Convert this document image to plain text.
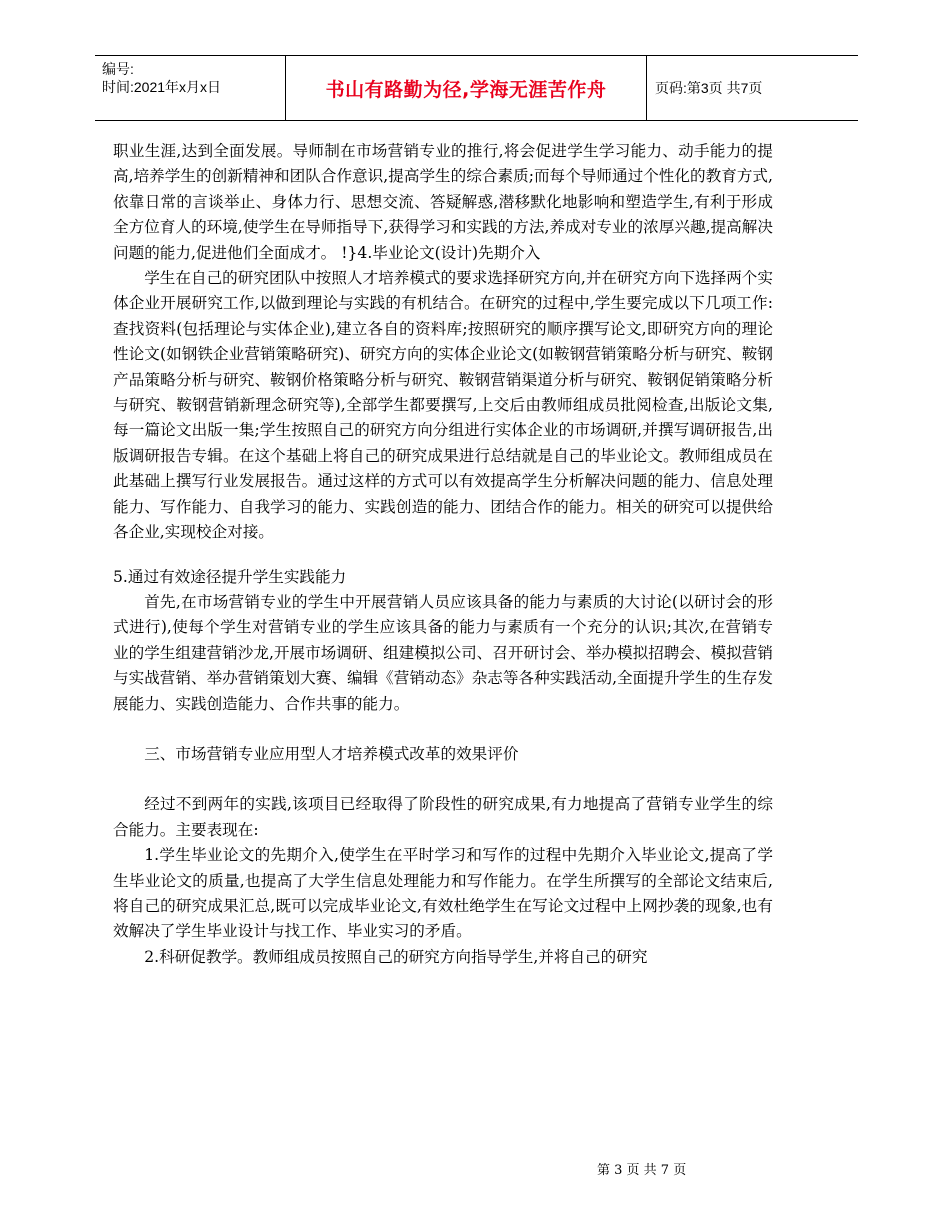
编号:
时间:2021年x月x日	书山有路勤为径,学海无涯苦作舟	页码:第3页 共7页

职业生涯,达到全面发展。导师制在市场营销专业的推行,将会促进学生学习能力、动手能力的提高,培养学生的创新精神和团队合作意识,提高学生的综合素质;而每个导师通过个性化的教育方式,依靠日常的言谈举止、身体力行、思想交流、答疑解惑,潜移默化地影响和塑造学生,有利于形成全方位育人的环境,使学生在导师指导下,获得学习和实践的方法,养成对专业的浓厚兴趣,提高解决问题的能力,促进他们全面成才。 !}4.毕业论文(设计)先期介入

学生在自己的研究团队中按照人才培养模式的要求选择研究方向,并在研究方向下选择两个实体企业开展研究工作,以做到理论与实践的有机结合。在研究的过程中,学生要完成以下几项工作:查找资料(包括理论与实体企业),建立各自的资料库;按照研究的顺序撰写论文,即研究方向的理论性论文(如钢铁企业营销策略研究)、研究方向的实体企业论文(如鞍钢营销策略分析与研究、鞍钢产品策略分析与研究、鞍钢价格策略分析与研究、鞍钢营销渠道分析与研究、鞍钢促销策略分析与研究、鞍钢营销新理念研究等),全部学生都要撰写,上交后由教师组成员批阅检查,出版论文集,每一篇论文出版一集;学生按照自己的研究方向分组进行实体企业的市场调研,并撰写调研报告,出版调研报告专辑。在这个基础上将自己的研究成果进行总结就是自己的毕业论文。教师组成员在此基础上撰写行业发展报告。通过这样的方式可以有效提高学生分析解决问题的能力、信息处理能力、写作能力、自我学习的能力、实践创造的能力、团结合作的能力。相关的研究可以提供给各企业,实现校企对接。

5.通过有效途径提升学生实践能力

首先,在市场营销专业的学生中开展营销人员应该具备的能力与素质的大讨论(以研讨会的形式进行),使每个学生对营销专业的学生应该具备的能力与素质有一个充分的认识;其次,在营销专业的学生组建营销沙龙,开展市场调研、组建模拟公司、召开研讨会、举办模拟招聘会、模拟营销与实战营销、举办营销策划大赛、编辑《营销动态》杂志等各种实践活动,全面提升学生的生存发展能力、实践创造能力、合作共事的能力。

三、市场营销专业应用型人才培养模式改革的效果评价

经过不到两年的实践,该项目已经取得了阶段性的研究成果,有力地提高了营销专业学生的综合能力。主要表现在:

1.学生毕业论文的先期介入,使学生在平时学习和写作的过程中先期介入毕业论文,提高了学生毕业论文的质量,也提高了大学生信息处理能力和写作能力。在学生所撰写的全部论文结束后,将自己的研究成果汇总,既可以完成毕业论文,有效杜绝学生在写论文过程中上网抄袭的现象,也有效解决了学生毕业设计与找工作、毕业实习的矛盾。

2.科研促教学。教师组成员按照自己的研究方向指导学生,并将自己的研究

第 3 页 共 7 页
